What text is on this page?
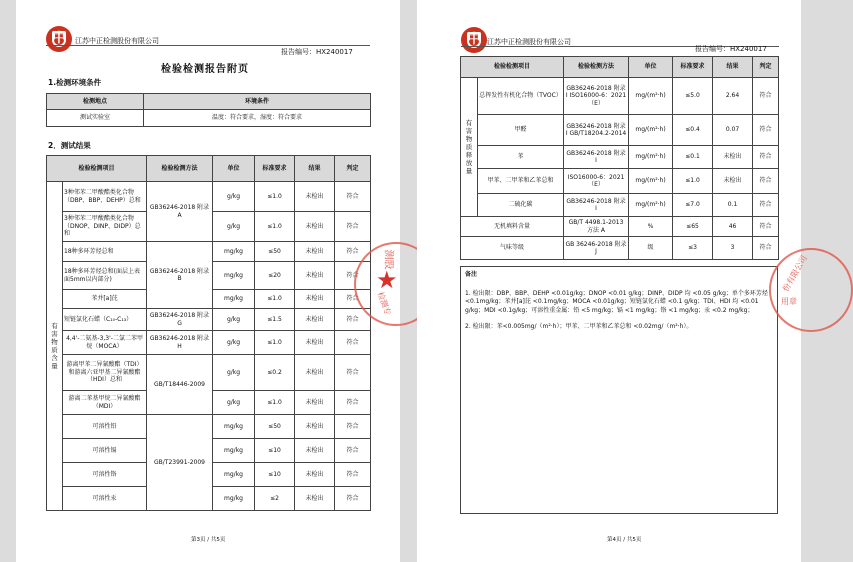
中	江苏中正检测股份有限公司
报告编号：HX240017
检验检测报告附页
1.检测环境条件
检测地点	环境条件
测试实验室	温度：符合要求，湿度：符合要求
2．测试结果
检验检测项目		检验检测方法	单位	标准要求	结果	判定
有害物质含量	3种邻苯二甲酸酯类化合物（DBP、BBP、DEHP）总和	GB36246-2018 附录 A	g/kg	≤1.0	未检出	符合
	3种邻苯二甲酸酯类化合物（DNOP、DINP、DIDP）总和		g/kg	≤1.0	未检出	符合
	18种多环芳烃总和	GB36246-2018 附录 B	mg/kg	≤50	未检出	符合
	18种多环芳烃总和(面层上表面5mm以内部分)		mg/kg	≤20	未检出	符合
	苯并[a]芘		mg/kg	≤1.0	未检出	符合
	短链氯化石蜡（C₁₀-C₁₃）	GB36246-2018 附录G	g/kg	≤1.5	未检出	符合
	4,4'-二氨基-3,3'-二氯二苯甲烷（MOCA）	GB36246-2018 附录 H	g/kg	≤1.0	未检出	符合
	游离甲苯二异氰酸酯（TDI）和游离六亚甲基二异氰酸酯（HDI）总和	GB/T18446-2009	g/kg	≤0.2	未检出	符合
	游离二苯基甲烷二异氰酸酯（MDI）		g/kg	≤1.0	未检出	符合
	可溶性铅	GB/T23991-2009	mg/kg	≤50	未检出	符合
	可溶性镉		mg/kg	≤10	未检出	符合
	可溶性铬		mg/kg	≤10	未检出	符合
	可溶性汞		mg/kg	≤2	未检出	符合
第3页 / 共5页
测股
★
检测专
中 江苏中正检测股份有限公司
报告编号：HX240017
检验检测项目		检验检测方法	单位	标准要求	结果	判定
有害物质释放量	总挥发性有机化合物（TVOC）	GB36246-2018 附录 I ISO16000-6：2021（E）	mg/(m²·h)	≤5.0	2.64	符合
	甲醛	GB36246-2018 附录 I GB/T18204.2-2014	mg/(m²·h)	≤0.4	0.07	符合
	苯	GB36246-2018 附录 I	mg/(m²·h)	≤0.1	未检出	符合
	甲苯、二甲苯和乙苯总和	ISO16000-6：2021（E）	mg/(m²·h)	≤1.0	未检出	符合
	二硫化碳	GB36246-2018 附录 I	mg/(m²·h)	≤7.0	0.1	符合
无机填料含量		GB/T 4498.1-2013 方法 A	%	≤65	46	符合
气味等级		GB 36246-2018 附录 J	级	≤3	3	符合
备注
1. 检出限：DBP、BBP、DEHP <0.01g/kg；DNOP <0.01 g/kg；DINP、DIDP 均 <0.05 g/kg；单个多环芳烃<0.1mg/kg；苯并[a]芘 <0.1mg/kg；MOCA <0.01g/kg；短链氯化石蜡 <0.1 g/kg；TDI、HDI 均 <0.01 g/kg；MDI <0.1g/kg；可溶性重金属：铅 <5 mg/kg；镉 <1 mg/kg；铬 <1 mg/kg；汞 <0.2 mg/kg；
2. 检出限：苯<0.005mg/（m²·h）；甲苯、二甲苯和乙苯总和 <0.02mg/（m²·h）。
第4页 / 共5页
份有限公司
用章
